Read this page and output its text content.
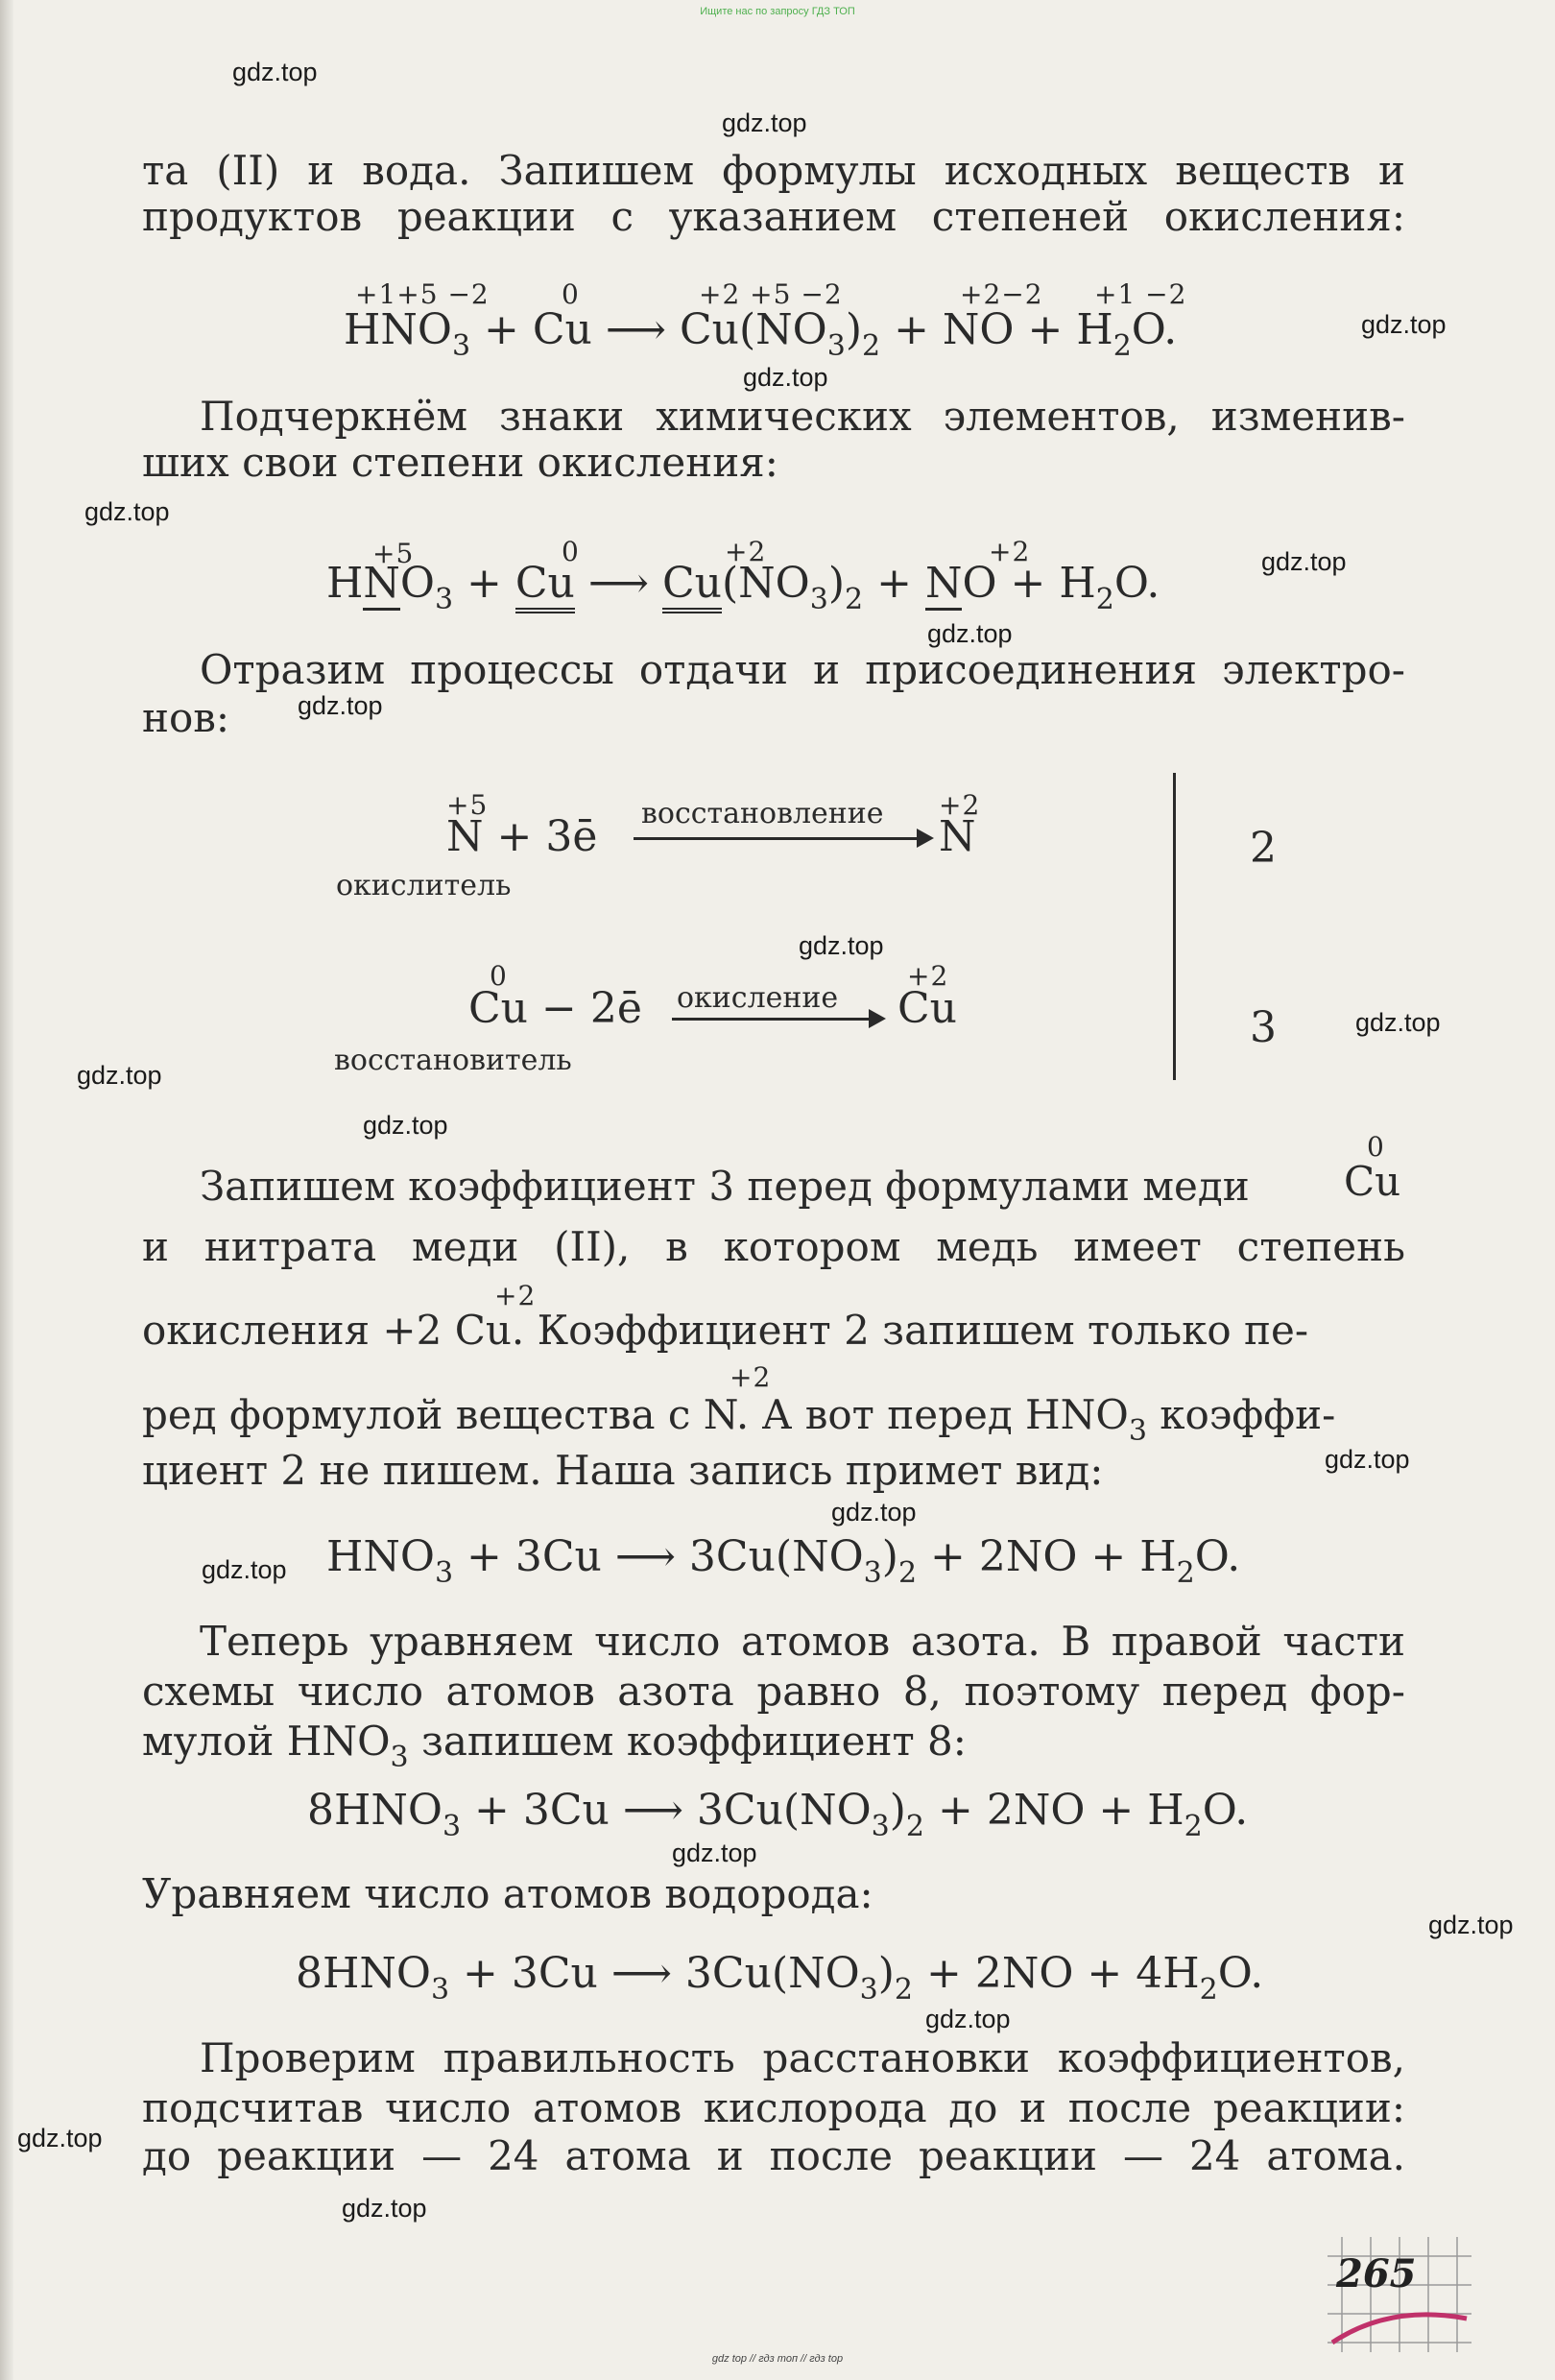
Ищите нас по запросу ГДЗ ТОП
gdz.top
gdz.top
gdz.top
gdz.top
gdz.top
gdz.top
gdz.top
gdz.top
gdz.top
gdz.top
gdz.top
gdz.top
gdz.top
gdz.top
gdz.top
gdz.top
gdz.top
gdz.top
gdz.top
gdz.top
та (II) и вода. Запишем формулы исходных веществ и
продуктов реакции с указанием степеней окисления:
+1+5 −2	0	+2 +5 −2	+2−2 +1 −2
$HNO_3 + Cu$ ⟶ $Cu(NO_3)_2$ + NO + $H_2O$.
Подчеркнём знаки химических элементов, изменив-
ших свои степени окисления:
+5	0	+2	+2
$HNO_3 + Cu$ ⟶ $Cu(NO_3)_2$ + NO + $H_2O$.
Отразим процессы отдачи и присоединения электро-
нов:
+5
N + 3ē восстановление +2
N	2
окислитель
0
Cu − 2ē окисление
+2
Cu	3
восстановитель
0
Запишем коэффициент 3 перед формулами меди	Cu
и нитрата меди (II), в котором медь имеет степень
+2
окисления +2 Cu. Коэффициент 2 запишем только пе-
+2
ред формулой вещества с N. А вот перед $HNO_3$ коэффи-
циент 2 не пишем. Наша запись примет вид:
$HNO_3 + 3Cu$ ⟶ $3Cu(NO_3)_2 + 2NO + H_2O$.
Теперь уравняем число атомов азота. В правой части
схемы число атомов азота равно 8, поэтому перед фор-
мулой $HNO_3$ запишем коэффициент 8:
$8HNO_3 + 3Cu$ ⟶ $3Cu(NO_3)_2 + 2NO + H_2O$.
Уравняем число атомов водорода:
$8HNO_3 + 3Cu$ ⟶ $3Cu(NO_3)_2 + 2NO + 4H_2O$.
Проверим правильность расстановки коэффициентов,
подсчитав число атомов кислорода до и после реакции:
до реакции — 24 атома и после реакции — 24 атома.
265
gdz top // гдз топ // гдз top
